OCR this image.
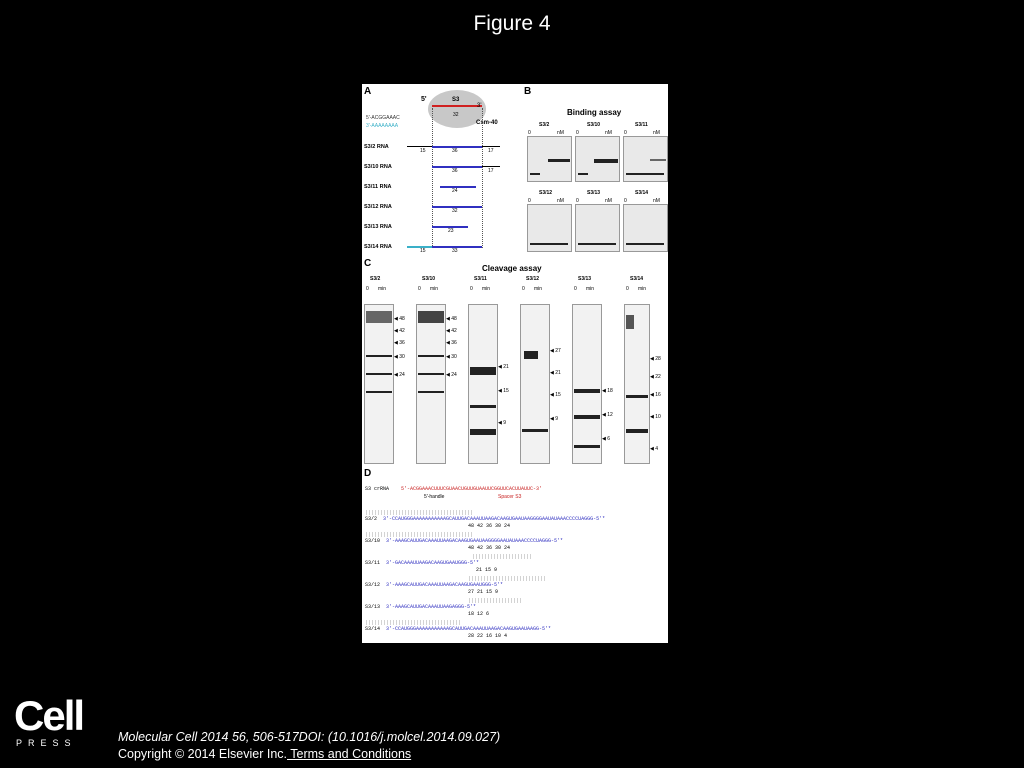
Figure 4
A
S3
32
5'
3'
5'-ACGGAAAC
3'-AAAAAAAA	Csm-40
S3/2 RNA
15	36	17
S3/10 RNA
36	17
S3/11 RNA
24
S3/12 RNA
32
S3/13 RNA
23
S3/14 RNA
15	33
B
Binding assay
S3/2
0	nM
S3/10
0	nM
S3/11
0	nM
S3/12
0	nM
S3/13
0	nM
S3/14
0	nM
C	Cleavage assay
S3/2
0 min
◀ 48
◀ 42
◀ 36
◀ 30
◀ 24
S3/10
0 min
◀ 48
◀ 42
◀ 36
◀ 30
◀ 24
S3/11
0 min
◀ 21
◀ 15
◀ 9
S3/12
0 min
◀ 27
◀ 21
◀ 15
◀ 9
S3/13
0 min
◀ 18
◀ 12
◀ 6
S3/14
0 min
◀ 28
◀ 22
◀ 16
◀ 10
◀ 4
D
S3 crRNA 5'-ACGGAAACUUUCGUAACUGUUGUAAUUCGGUUCACUUAUUC-3'
5'-handle	Spacer S3
||||||||||||||||||||||||||||||||||||
S3/2 3'-CCAUGGGAAAAAAAAAAAGCAUUGACAAAUUAAGACAAGUGAAUAAGGGGAAUAUAAACCCCUAGGG-5'*
48 42 36 30 24
||||||||||||||||||||||||||||||||||||
S3/10 3'-AAAGCAUUGACAAAUUAAGACAAGUGAAUAAGGGGAAUAUAAACCCCUAGGG-5'*
48 42 36 30 24
||||||||||||||||||||
S3/11 3'-GACAAAUUAAGACAAGUGAAUGGG-5'*
21 15 9
||||||||||||||||||||||||||
S3/12 3'-AAAGCAUUGACAAAUUAAGACAAGUGAAUGGG-5'*
27 21 15 9
||||||||||||||||||
S3/13 3'-AAAGCAUUGACAAAUUAAGAGGG-5'*
18 12 6
||||||||||||||||||||||||||||||||
S3/14 3'-CCAUGGGAAAAAAAAAAAGCAUUGACAAAUUAAGACAAGUGAAUAAGG-5'*
28 22 16 10 4
Cell
PRESS	Molecular Cell 2014 56, 506-517DOI: (10.1016/j.molcel.2014.09.027)
Copyright © 2014 Elsevier Inc. Terms and Conditions
